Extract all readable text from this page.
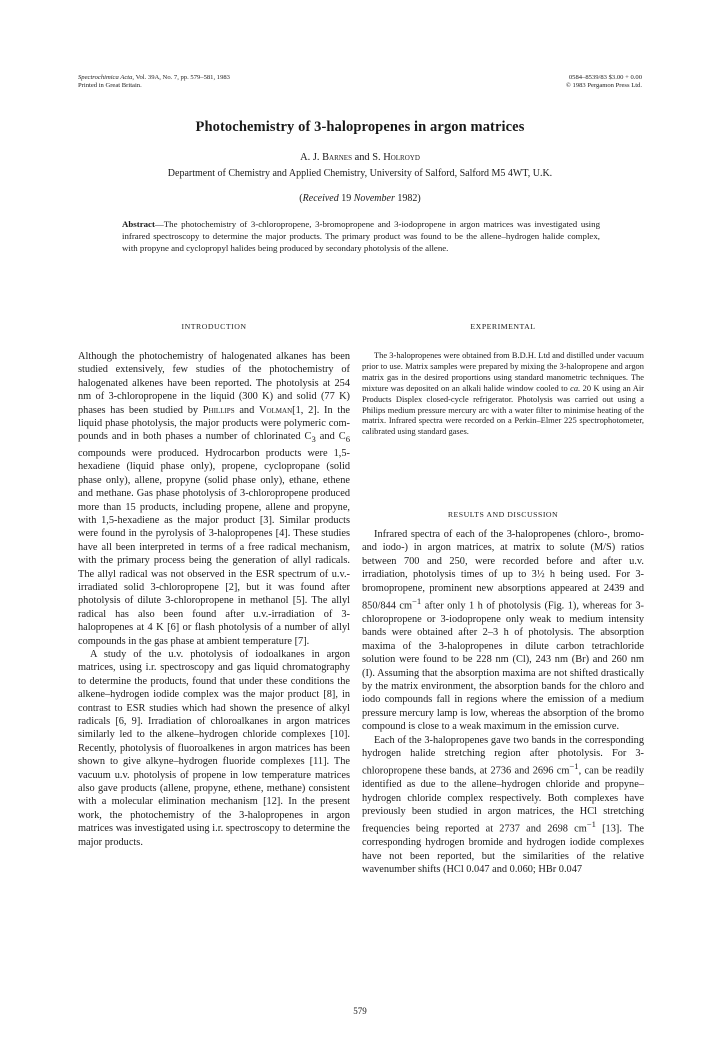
Spectrochimica Acta, Vol. 39A, No. 7, pp. 579–581, 1983
Printed in Great Britain.
0584–8539/83 $3.00 + 0.00
© 1983 Pergamon Press Ltd.
Photochemistry of 3-halopropenes in argon matrices
A. J. Barnes and S. Holroyd
Department of Chemistry and Applied Chemistry, University of Salford, Salford M5 4WT, U.K.
(Received 19 November 1982)
Abstract—The photochemistry of 3-chloropropene, 3-bromopropene and 3-iodopropene in argon matrices was investigated using infrared spectroscopy to determine the major products. The primary product was found to be the allene–hydrogen halide complex, with propyne and cyclopropyl halides being produced by secondary photolysis of the allene.
INTRODUCTION	EXPERIMENTAL

Although the photochemistry of halogenated alkanes has been studied extensively, few studies of the photochemistry of halogenated alkenes have been reported. The photolysis at 254 nm of 3-chloropropene in the liquid (300 K) and solid (77 K) phases has been studied by Phillips and Volman[1, 2]. In the liquid phase photolysis, the major products were polymeric compounds and in both phases a number of chlorinated $C_3$ and $C_6$ compounds were produced. Hydrocarbon products were 1,5-hexadiene (liquid phase only), propene, cyclopropane (solid phase only), allene, propyne (solid phase only), ethane, ethene and methane. Gas phase photolysis of 3-chloropropene produced more than 15 products, including propene, allene and propyne, with 1,5-hexadiene as the major product [3]. Similar products were found in the pyrolysis of 3-halopropenes [4]. These studies have all been interpreted in terms of a free radical mechanism, with the primary process being the generation of allyl radicals. The allyl radical was not observed in the ESR spectrum of u.v.-irradiated solid 3-chloropropene [2], but it was found after photolysis of dilute 3-chloropropene in methanol [5]. The allyl radical has also been found after u.v.-irradiation of 3-halopropenes at 4 K [6] or flash photolysis of a number of allyl compounds in the gas phase at ambient temperature [7].

A study of the u.v. photolysis of iodoalkanes in argon matrices, using i.r. spectroscopy and gas liquid chromatography to determine the products, found that under these conditions the alkene–hydrogen iodide complex was the major product [8], in contrast to ESR studies which had shown the presence of alkyl radicals [6, 9]. Irradiation of chloroalkanes in argon matrices similarly led to the alkene–hydrogen chloride complexes [10]. Recently, photolysis of fluoroalkenes in argon matrices has been shown to give alkyne–hydrogen fluoride complexes [11]. The vacuum u.v. photolysis of propene in low temperature matrices also gave products (allene, propyne, ethene, methane) consistent with a molecular elimination mechanism [12]. In the present work, the photochemistry of the 3-halopropenes in argon matrices was investigated using i.r. spectroscopy to determine the major products.

The 3-halopropenes were obtained from B.D.H. Ltd and distilled under vacuum prior to use. Matrix samples were prepared by mixing the 3-halopropene and argon matrix gas in the desired proportions using standard manometric techniques. The mixture was deposited on an alkali halide window cooled to ca. 20 K using an Air Products Displex closed-cycle refrigerator. Photolysis was carried out using a Philips medium pressure mercury arc with a water filter to minimise heating of the matrix. Infrared spectra were recorded on a Perkin–Elmer 225 spectrophotometer, calibrated using standard gases.

RESULTS AND DISCUSSION

Infrared spectra of each of the 3-halopropenes (chloro-, bromo- and iodo-) in argon matrices, at matrix to solute (M/S) ratios between 700 and 250, were recorded before and after u.v. irradiation, photolysis times of up to 3½ h being used. For 3-bromopropene, prominent new absorptions appeared at 2439 and 850/844 $cm^{-1}$ after only 1 h of photolysis (Fig. 1), whereas for 3-chloropropene or 3-iodopropene only weak to medium intensity bands were obtained after 2–3 h of photolysis. The absorption maxima of the 3-halopropenes in dilute carbon tetrachloride solution were found to be 228 nm (Cl), 243 nm (Br) and 260 nm (I). Assuming that the absorption maxima are not shifted drastically by the matrix environment, the absorption bands for the chloro and iodo compounds fall in regions where the emission of a medium pressure mercury lamp is low, whereas the absorption of the bromo compound is close to a weak maximum in the emission curve.

Each of the 3-halopropenes gave two bands in the corresponding hydrogen halide stretching region after photolysis. For 3-chloropropene these bands, at 2736 and 2696 $cm^{-1}$, can be readily identified as due to the allene–hydrogen chloride and propyne–hydrogen chloride complex respectively. Both complexes have previously been studied in argon matrices, the HCl stretching frequencies being reported at 2737 and 2698 $cm^{-1}$ [13]. The corresponding hydrogen bromide and hydrogen iodide complexes have not been reported, but the similarities of the relative wavenumber shifts (HCl 0.047 and 0.060; HBr 0.047

579
